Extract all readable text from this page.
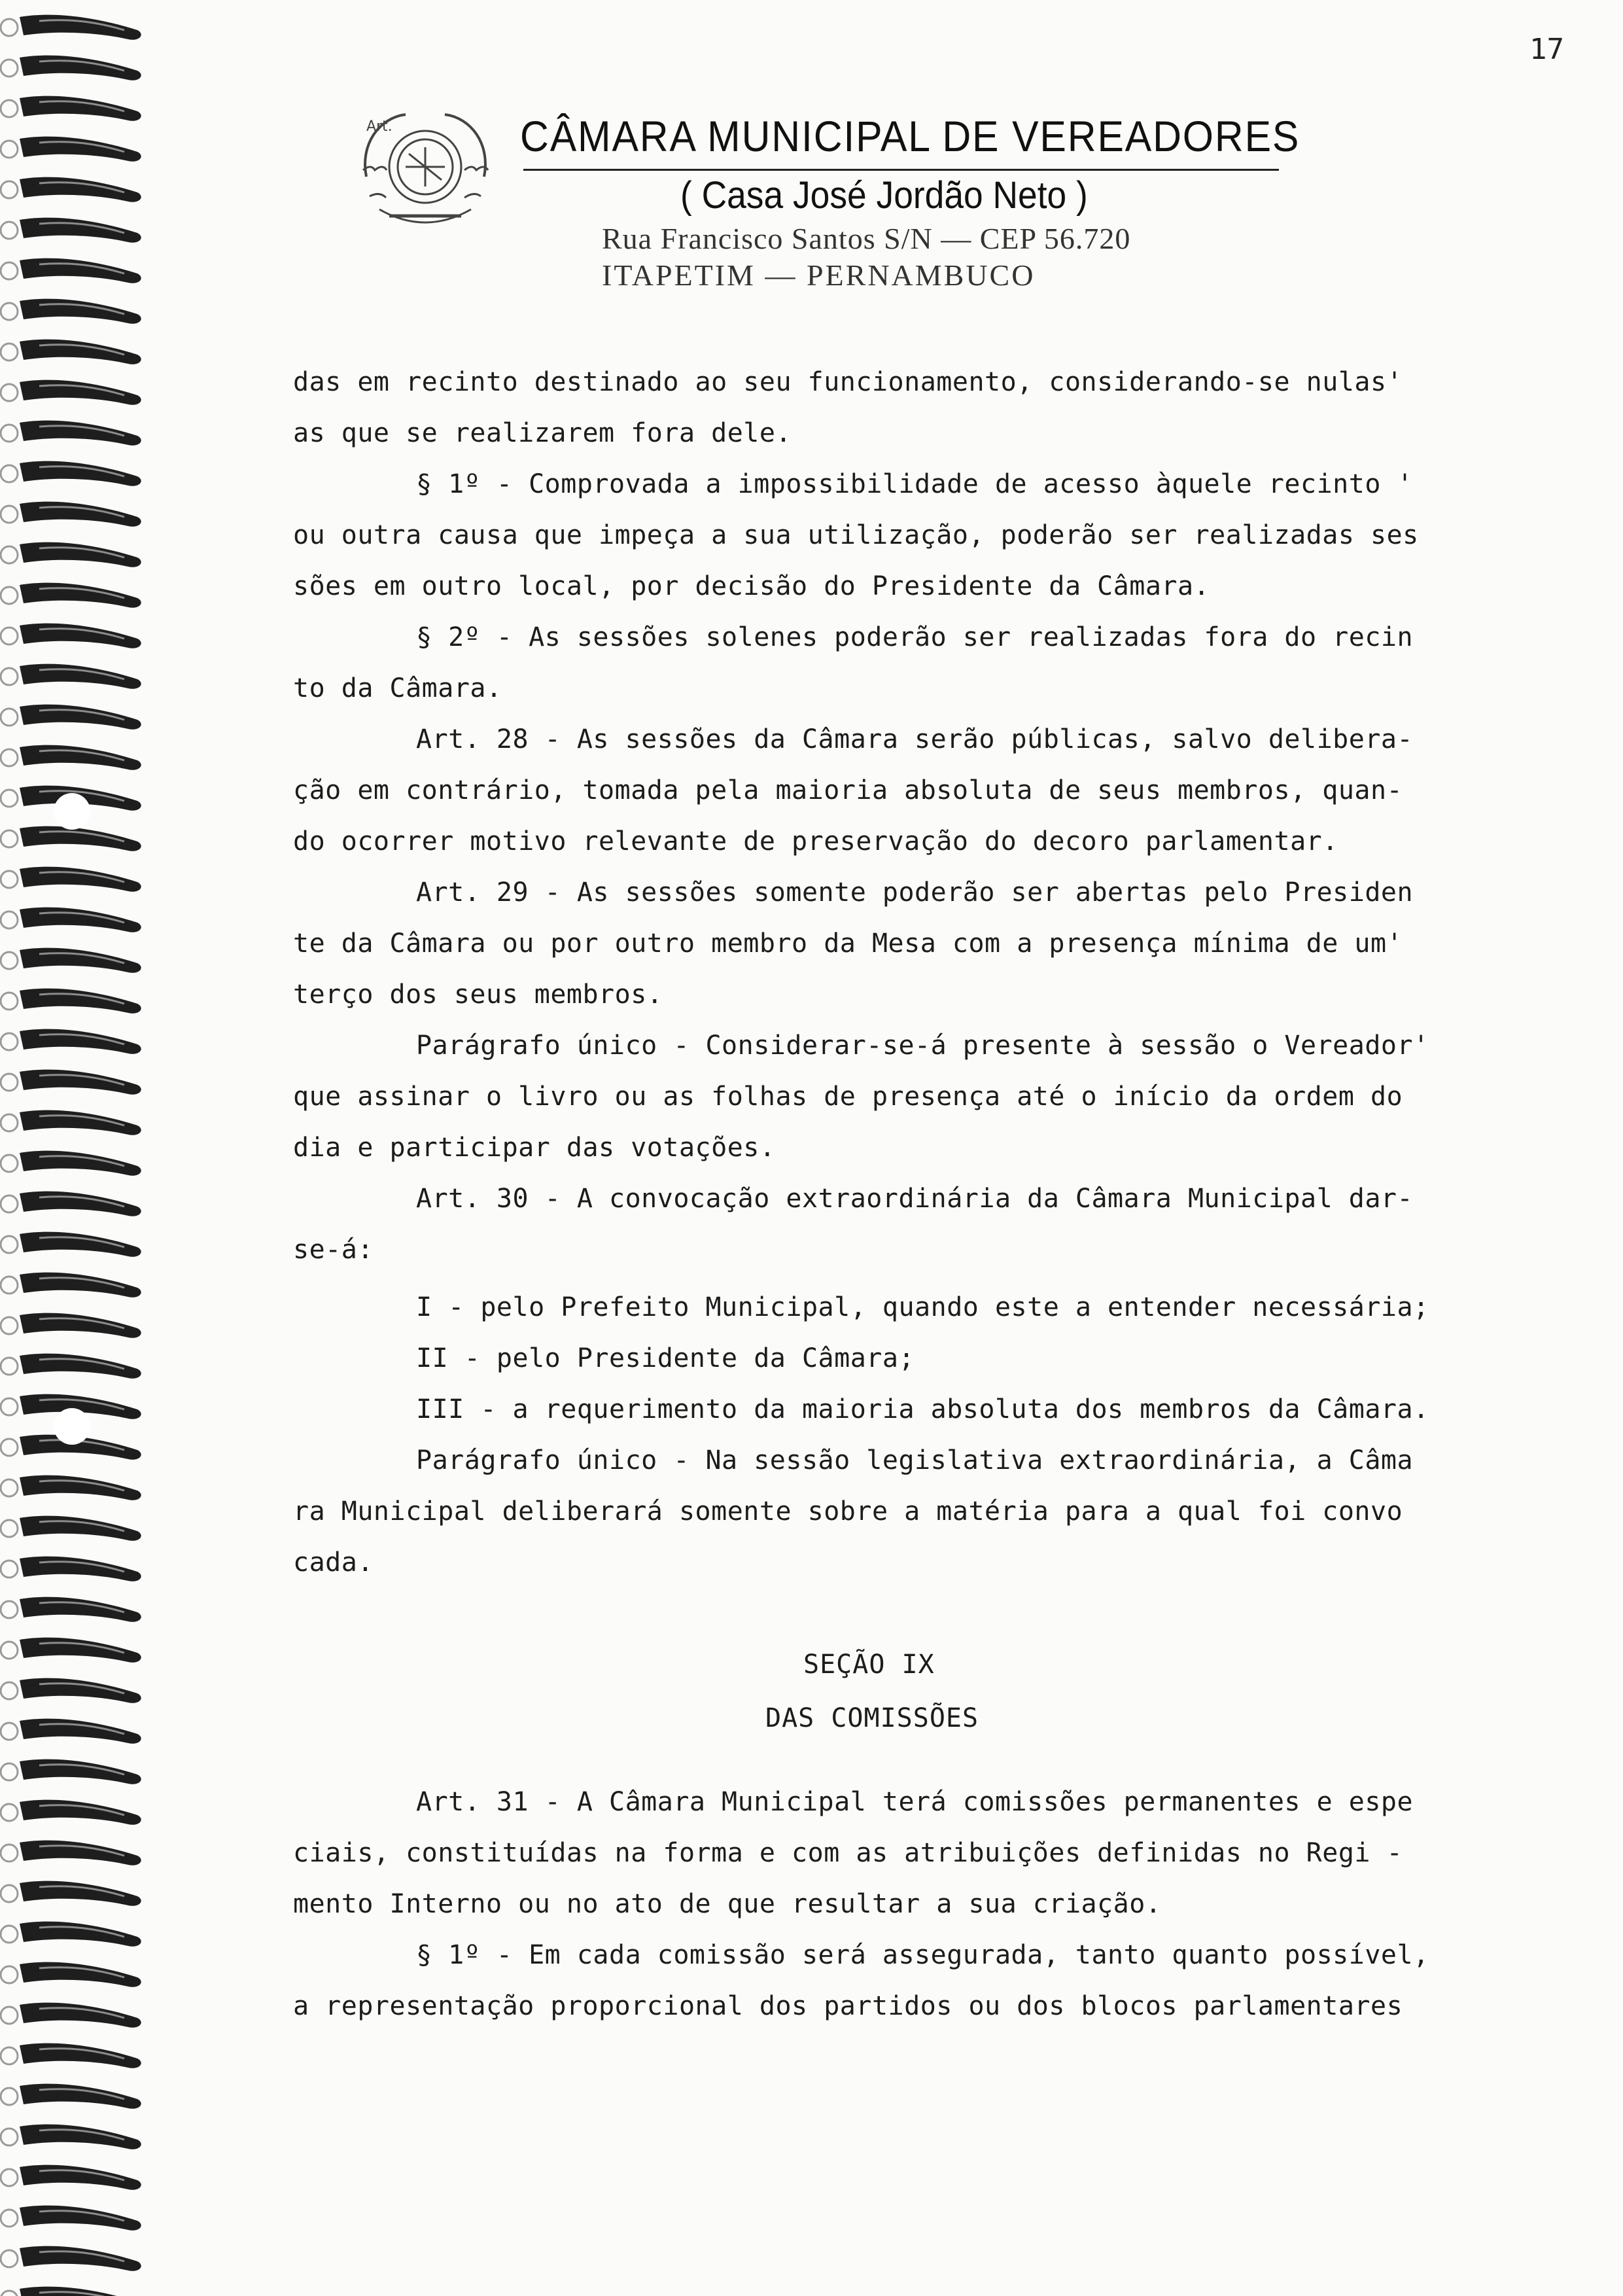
17
Art.	CÂMARA MUNICIPAL DE VEREADORES
( Casa José Jordão Neto )
Rua Francisco Santos S/N — CEP 56.720
ITAPETIM — PERNAMBUCO
das em recinto destinado ao seu funcionamento, considerando-se nulas'
as que se realizarem fora dele.
§ 1º - Comprovada a impossibilidade de acesso àquele recinto '
ou outra causa que impeça a sua utilização, poderão ser realizadas ses
sões em outro local, por decisão do Presidente da Câmara.
§ 2º - As sessões solenes poderão ser realizadas fora do recin
to da Câmara.
Art. 28 - As sessões da Câmara serão públicas, salvo delibera-
ção em contrário, tomada pela maioria absoluta de seus membros, quan-
do ocorrer motivo relevante de preservação do decoro parlamentar.
Art. 29 - As sessões somente poderão ser abertas pelo Presiden
te da Câmara ou por outro membro da Mesa com a presença mínima de um'
terço dos seus membros.
Parágrafo único - Considerar-se-á presente à sessão o Vereador'
que assinar o livro ou as folhas de presença até o início da ordem do
dia e participar das votações.
Art. 30 - A convocação extraordinária da Câmara Municipal dar-
se-á:
I - pelo Prefeito Municipal, quando este a entender necessária;
II - pelo Presidente da Câmara;
III - a requerimento da maioria absoluta dos membros da Câmara.
Parágrafo único - Na sessão legislativa extraordinária, a Câma
ra Municipal deliberará somente sobre a matéria para a qual foi convo
cada.
SEÇÃO IX
DAS COMISSÕES
Art. 31 - A Câmara Municipal terá comissões permanentes e espe
ciais, constituídas na forma e com as atribuições definidas no Regi -
mento Interno ou no ato de que resultar a sua criação.
§ 1º - Em cada comissão será assegurada, tanto quanto possível,
a representação proporcional dos partidos ou dos blocos parlamentares
